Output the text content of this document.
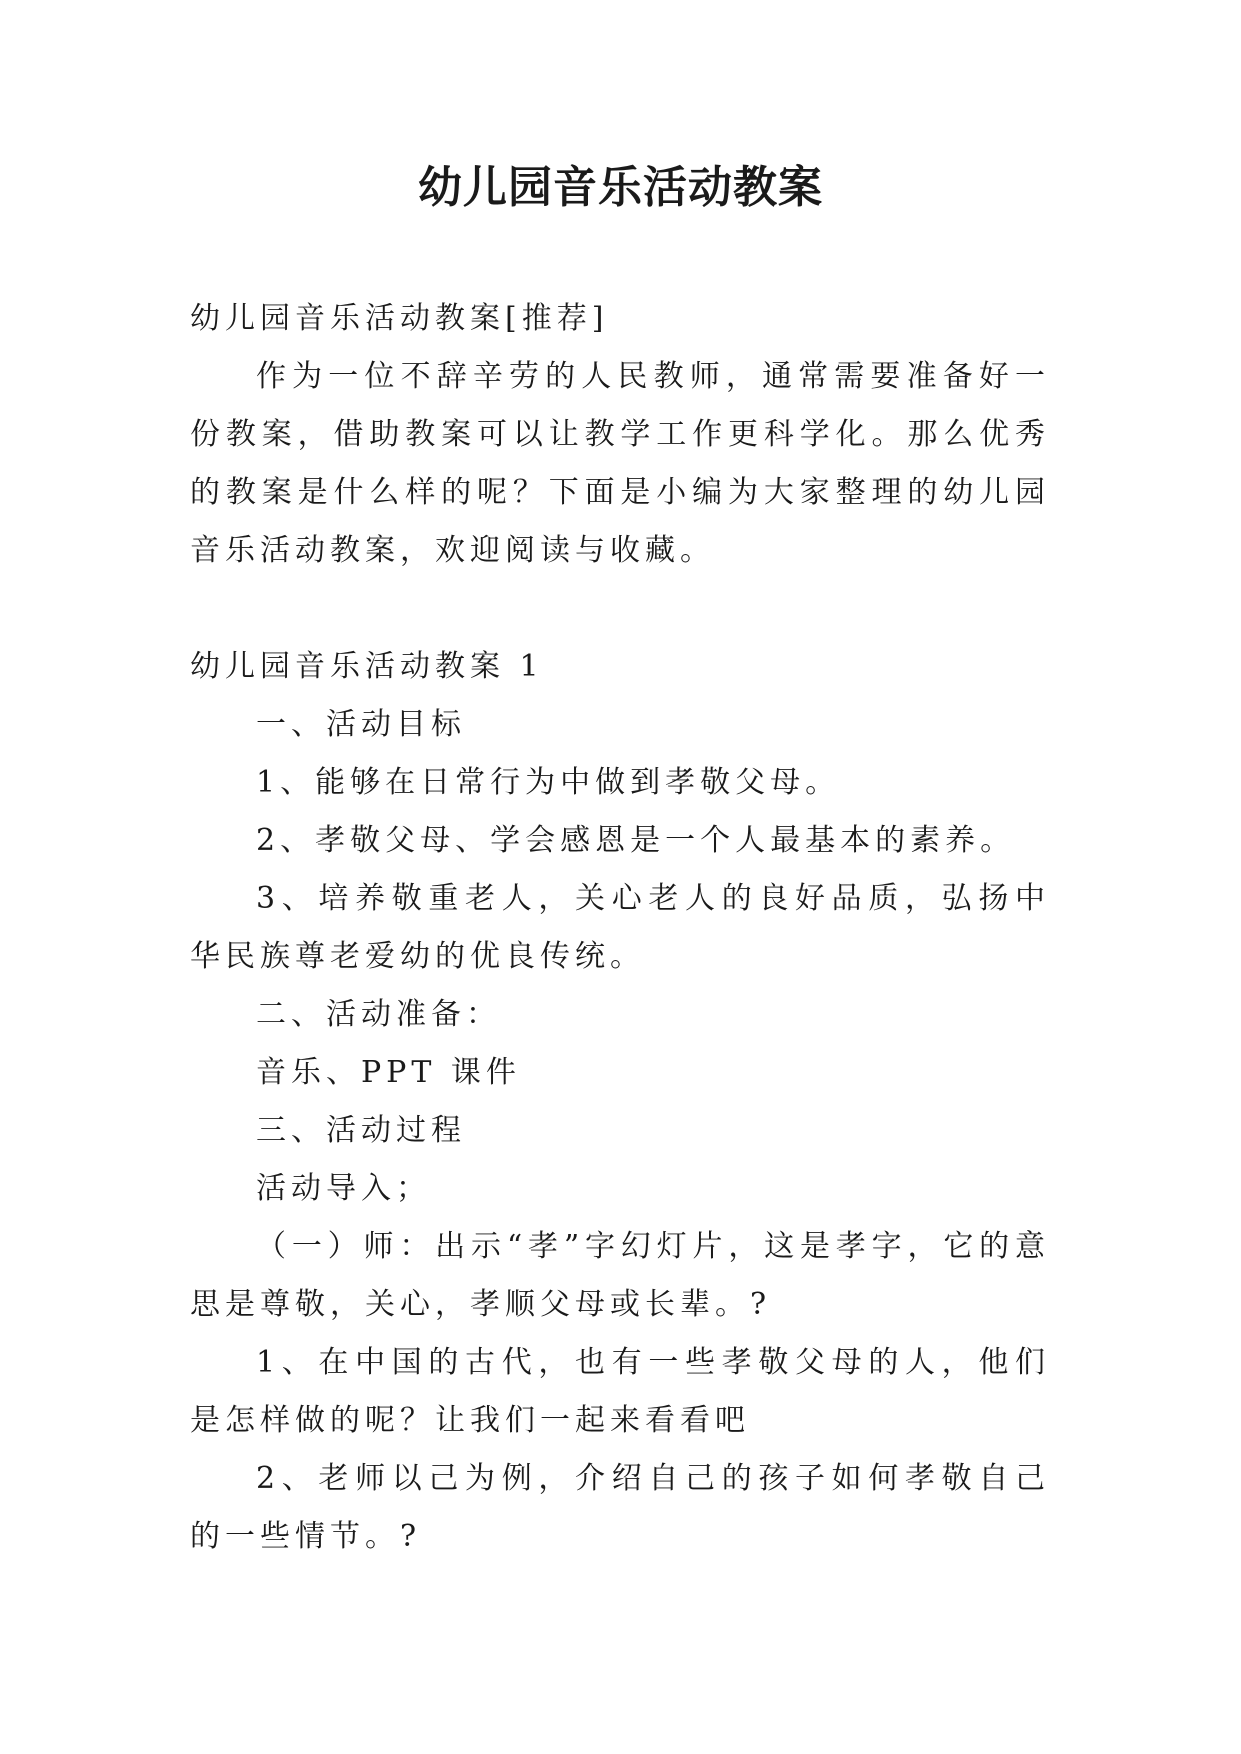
幼儿园音乐活动教案

幼儿园音乐活动教案[推荐]

作为一位不辞辛劳的人民教师，通常需要准备好一份教案，借助教案可以让教学工作更科学化。那么优秀的教案是什么样的呢？下面是小编为大家整理的幼儿园音乐活动教案，欢迎阅读与收藏。

幼儿园音乐活动教案 1

一、活动目标

1、能够在日常行为中做到孝敬父母。

2、孝敬父母、学会感恩是一个人最基本的素养。

3、培养敬重老人，关心老人的良好品质，弘扬中华民族尊老爱幼的优良传统。

二、活动准备：

音乐、PPT 课件

三、活动过程

活动导入；

（一）师：出示“孝”字幻灯片，这是孝字，它的意思是尊敬，关心，孝顺父母或长辈。?

1、在中国的古代，也有一些孝敬父母的人，他们是怎样做的呢？让我们一起来看看吧

2、老师以己为例，介绍自己的孩子如何孝敬自己的一些情节。?
